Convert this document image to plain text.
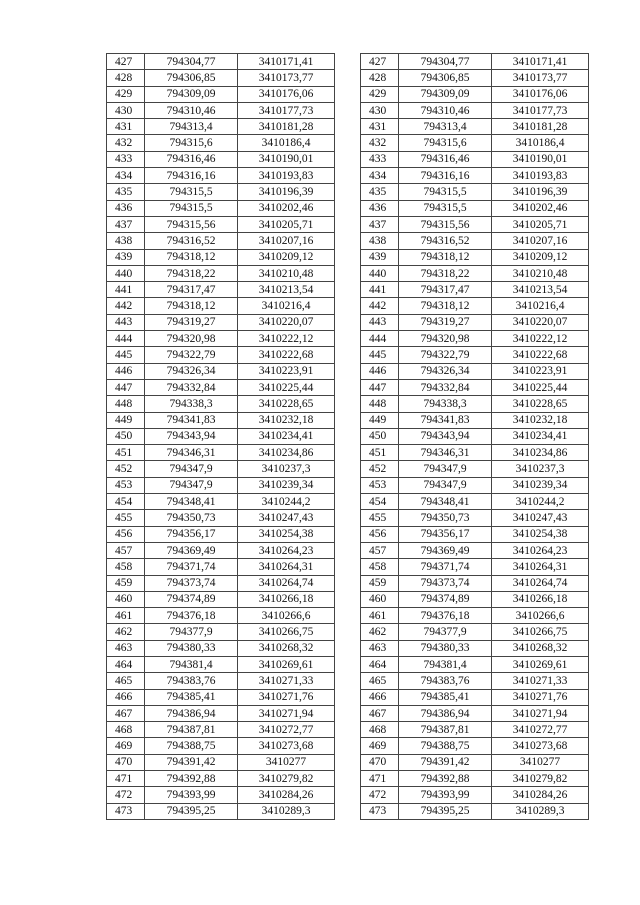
427	794304,77	3410171,41
428	794306,85	3410173,77
429	794309,09	3410176,06
430	794310,46	3410177,73
431	794313,4	3410181,28
432	794315,6	3410186,4
433	794316,46	3410190,01
434	794316,16	3410193,83
435	794315,5	3410196,39
436	794315,5	3410202,46
437	794315,56	3410205,71
438	794316,52	3410207,16
439	794318,12	3410209,12
440	794318,22	3410210,48
441	794317,47	3410213,54
442	794318,12	3410216,4
443	794319,27	3410220,07
444	794320,98	3410222,12
445	794322,79	3410222,68
446	794326,34	3410223,91
447	794332,84	3410225,44
448	794338,3	3410228,65
449	794341,83	3410232,18
450	794343,94	3410234,41
451	794346,31	3410234,86
452	794347,9	3410237,3
453	794347,9	3410239,34
454	794348,41	3410244,2
455	794350,73	3410247,43
456	794356,17	3410254,38
457	794369,49	3410264,23
458	794371,74	3410264,31
459	794373,74	3410264,74
460	794374,89	3410266,18
461	794376,18	3410266,6
462	794377,9	3410266,75
463	794380,33	3410268,32
464	794381,4	3410269,61
465	794383,76	3410271,33
466	794385,41	3410271,76
467	794386,94	3410271,94
468	794387,81	3410272,77
469	794388,75	3410273,68
470	794391,42	3410277
471	794392,88	3410279,82
472	794393,99	3410284,26
473	794395,25	3410289,3
427	794304,77	3410171,41
428	794306,85	3410173,77
429	794309,09	3410176,06
430	794310,46	3410177,73
431	794313,4	3410181,28
432	794315,6	3410186,4
433	794316,46	3410190,01
434	794316,16	3410193,83
435	794315,5	3410196,39
436	794315,5	3410202,46
437	794315,56	3410205,71
438	794316,52	3410207,16
439	794318,12	3410209,12
440	794318,22	3410210,48
441	794317,47	3410213,54
442	794318,12	3410216,4
443	794319,27	3410220,07
444	794320,98	3410222,12
445	794322,79	3410222,68
446	794326,34	3410223,91
447	794332,84	3410225,44
448	794338,3	3410228,65
449	794341,83	3410232,18
450	794343,94	3410234,41
451	794346,31	3410234,86
452	794347,9	3410237,3
453	794347,9	3410239,34
454	794348,41	3410244,2
455	794350,73	3410247,43
456	794356,17	3410254,38
457	794369,49	3410264,23
458	794371,74	3410264,31
459	794373,74	3410264,74
460	794374,89	3410266,18
461	794376,18	3410266,6
462	794377,9	3410266,75
463	794380,33	3410268,32
464	794381,4	3410269,61
465	794383,76	3410271,33
466	794385,41	3410271,76
467	794386,94	3410271,94
468	794387,81	3410272,77
469	794388,75	3410273,68
470	794391,42	3410277
471	794392,88	3410279,82
472	794393,99	3410284,26
473	794395,25	3410289,3
